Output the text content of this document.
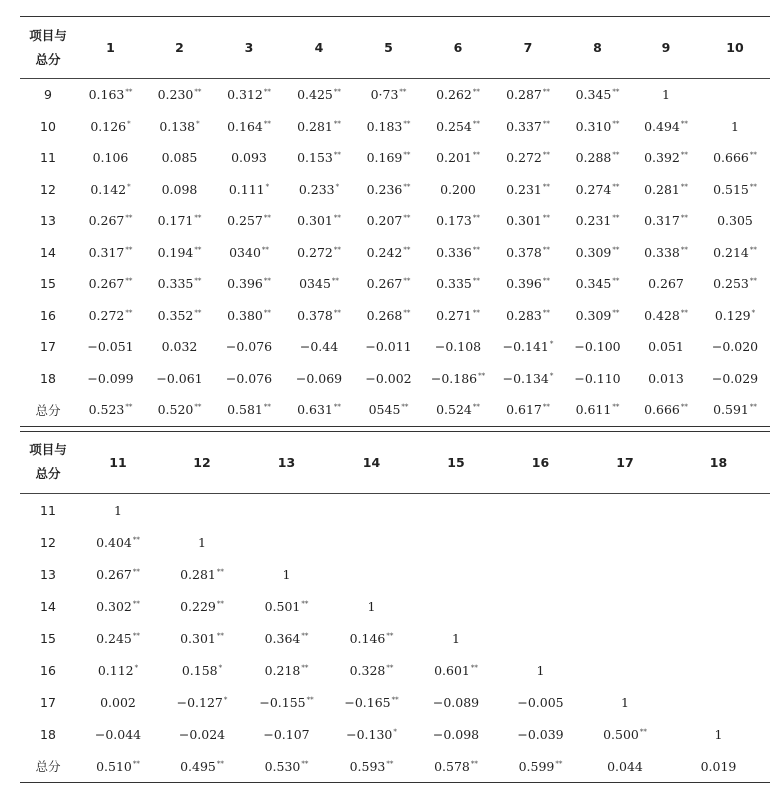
项目与
总分	1	2	3	4	5	6	7	8	9	10
9	0.163**	0.230**	0.312**	0.425**	0·73**	0.262**	0.287**	0.345**	1	
10	0.126*	0.138*	0.164**	0.281**	0.183**	0.254**	0.337**	0.310**	0.494**	1
11	0.106	0.085	0.093	0.153**	0.169**	0.201**	0.272**	0.288**	0.392**	0.666**
12	0.142*	0.098	0.111*	0.233*	0.236**	0.200	0.231**	0.274**	0.281**	0.515**
13	0.267**	0.171**	0.257**	0.301**	0.207**	0.173**	0.301**	0.231**	0.317**	0.305
14	0.317**	0.194**	0340**	0.272**	0.242**	0.336**	0.378**	0.309**	0.338**	0.214**
15	0.267**	0.335**	0.396**	0345**	0.267**	0.335**	0.396**	0.345**	0.267	0.253**
16	0.272**	0.352**	0.380**	0.378**	0.268**	0.271**	0.283**	0.309**	0.428**	0.129*
17	−0.051	0.032	−0.076	−0.44	−0.011	−0.108	−0.141*	−0.100	0.051	−0.020
18	−0.099	−0.061	−0.076	−0.069	−0.002	−0.186**	−0.134*	−0.110	0.013	−0.029
总分	0.523**	0.520**	0.581**	0.631**	0545**	0.524**	0.617**	0.611**	0.666**	0.591**
项目与
总分	11	12	13	14	15	16	17	18
11	1							
12	0.404**	1						
13	0.267**	0.281**	1					
14	0.302**	0.229**	0.501**	1				
15	0.245**	0.301**	0.364**	0.146**	1			
16	0.112*	0.158*	0.218**	0.328**	0.601**	1		
17	0.002	−0.127*	−0.155**	−0.165**	−0.089	−0.005	1	
18	−0.044	−0.024	−0.107	−0.130*	−0.098	−0.039	0.500**	1
总分	0.510**	0.495**	0.530**	0.593**	0.578**	0.599**	0.044	0.019
